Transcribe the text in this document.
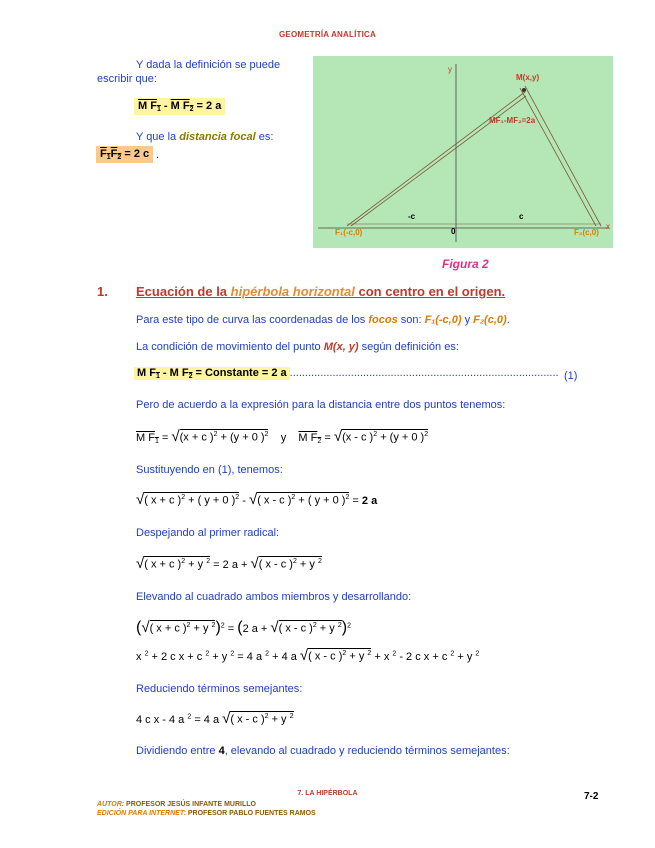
GEOMETRÍA ANALÍTICA
Y dada la definición se puede
escribir que:
M $F_1$ - M $F_2 = 2$ a
Y que la distancia focal es:
$F_1F_2 = 2$ c .
y
x
M(x,y)
MF₁-MF₂=2a
-c	c
0
F₁(-c,0)	F₂(c,0)
Figura 2
1. Ecuación de la hipérbola horizontal con centro en el origen.
Para este tipo de curva las coordenadas de los focos son: F₁(-c,0) y F₂(c,0).
La condición de movimiento del punto M(x, y) según definición es:
M $F_1$ - M $F_2$ = Constante = 2 a ........................................................................................ (1)
Pero de acuerdo a la expresión para la distancia entre dos puntos tenemos:
M $F_1 = √(x + c$ )$^2$ + (y + 0 )$^2$ y M $F_2 = √(x - c$ )$^2$ + (y + 0 )$^2$
Sustituyendo en (1), tenemos:
√( x + c )$^2$ + ( y + 0 )$^2$ - √( x - c )$^2$ + ( y + 0 )$^2$ = 2 a
Despejando al primer radical:
√( x + c )$^2$ + y $^2$ = 2 a + √( x - c )$^2$ + y $^2$
Elevando al cuadrado ambos miembros y desarrollando:
(√( x + c )$^2$ + y $^2$)$^2$ = (2 a + √( x - c )$^2$ + y $^2$)$^2$
x $^2$ + 2 c x + c $^2$ + y $^2$ = 4 a $^2$ + 4 a √( x - c )$^2$ + y $^2$ + x $^2$ - 2 c x + c $^2$ + y $^2$
Reduciendo términos semejantes:
4 c x - 4 a $^2$ = 4 a √( x - c )$^2$ + y $^2$
Dividiendo entre 4, elevando al cuadrado y reduciendo términos semejantes:
7. LA HIPÉRBOLA	7-2
AUTOR: PROFESOR JESÚS INFANTE MURILLO
EDICIÓN PARA INTERNET: PROFESOR PABLO FUENTES RAMOS
